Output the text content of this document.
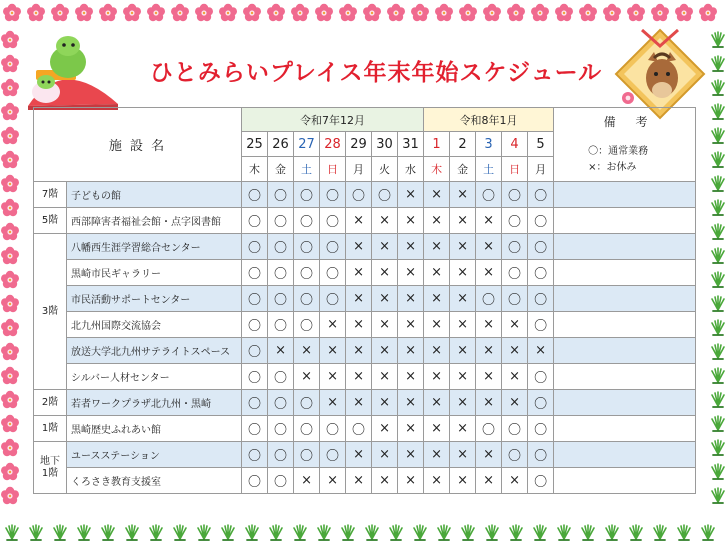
ひとみらいプレイス年末年始スケジュール
施 設 名		令和7年12月							令和8年1月					備 考
〇：通常業務
×：お休み

		25	26	27	28	29	30	31	1	2	3	4	5	
		木	金	土	日	月	火	水	木	金	土	日	月	
7階	子どもの館	〇	〇	〇	〇	〇	〇	×	×	×	〇	〇	〇	
5階	西部障害者福祉会館・点字図書館	〇	〇	〇	〇	×	×	×	×	×	×	〇	〇	
3階	八幡西生涯学習総合センター	〇	〇	〇	〇	×	×	×	×	×	×	〇	〇	
	黒崎市民ギャラリー	〇	〇	〇	〇	×	×	×	×	×	×	〇	〇	
	市民活動サポートセンター	〇	〇	〇	〇	×	×	×	×	×	〇	〇	〇	
	北九州国際交流協会	〇	〇	〇	×	×	×	×	×	×	×	×	〇	
	放送大学北九州サテライトスペース	〇	×	×	×	×	×	×	×	×	×	×	×	
	シルバー人材センター	〇	〇	×	×	×	×	×	×	×	×	×	〇	
2階	若者ワークプラザ北九州・黒崎	〇	〇	〇	×	×	×	×	×	×	×	×	〇	
1階	黒崎歴史ふれあい館	〇	〇	〇	〇	〇	×	×	×	×	〇	〇	〇	
地下1階	ユースステーション	〇	〇	〇	〇	×	×	×	×	×	×	〇	〇	
	くろさき教育支援室	〇	〇	×	×	×	×	×	×	×	×	×	〇	
